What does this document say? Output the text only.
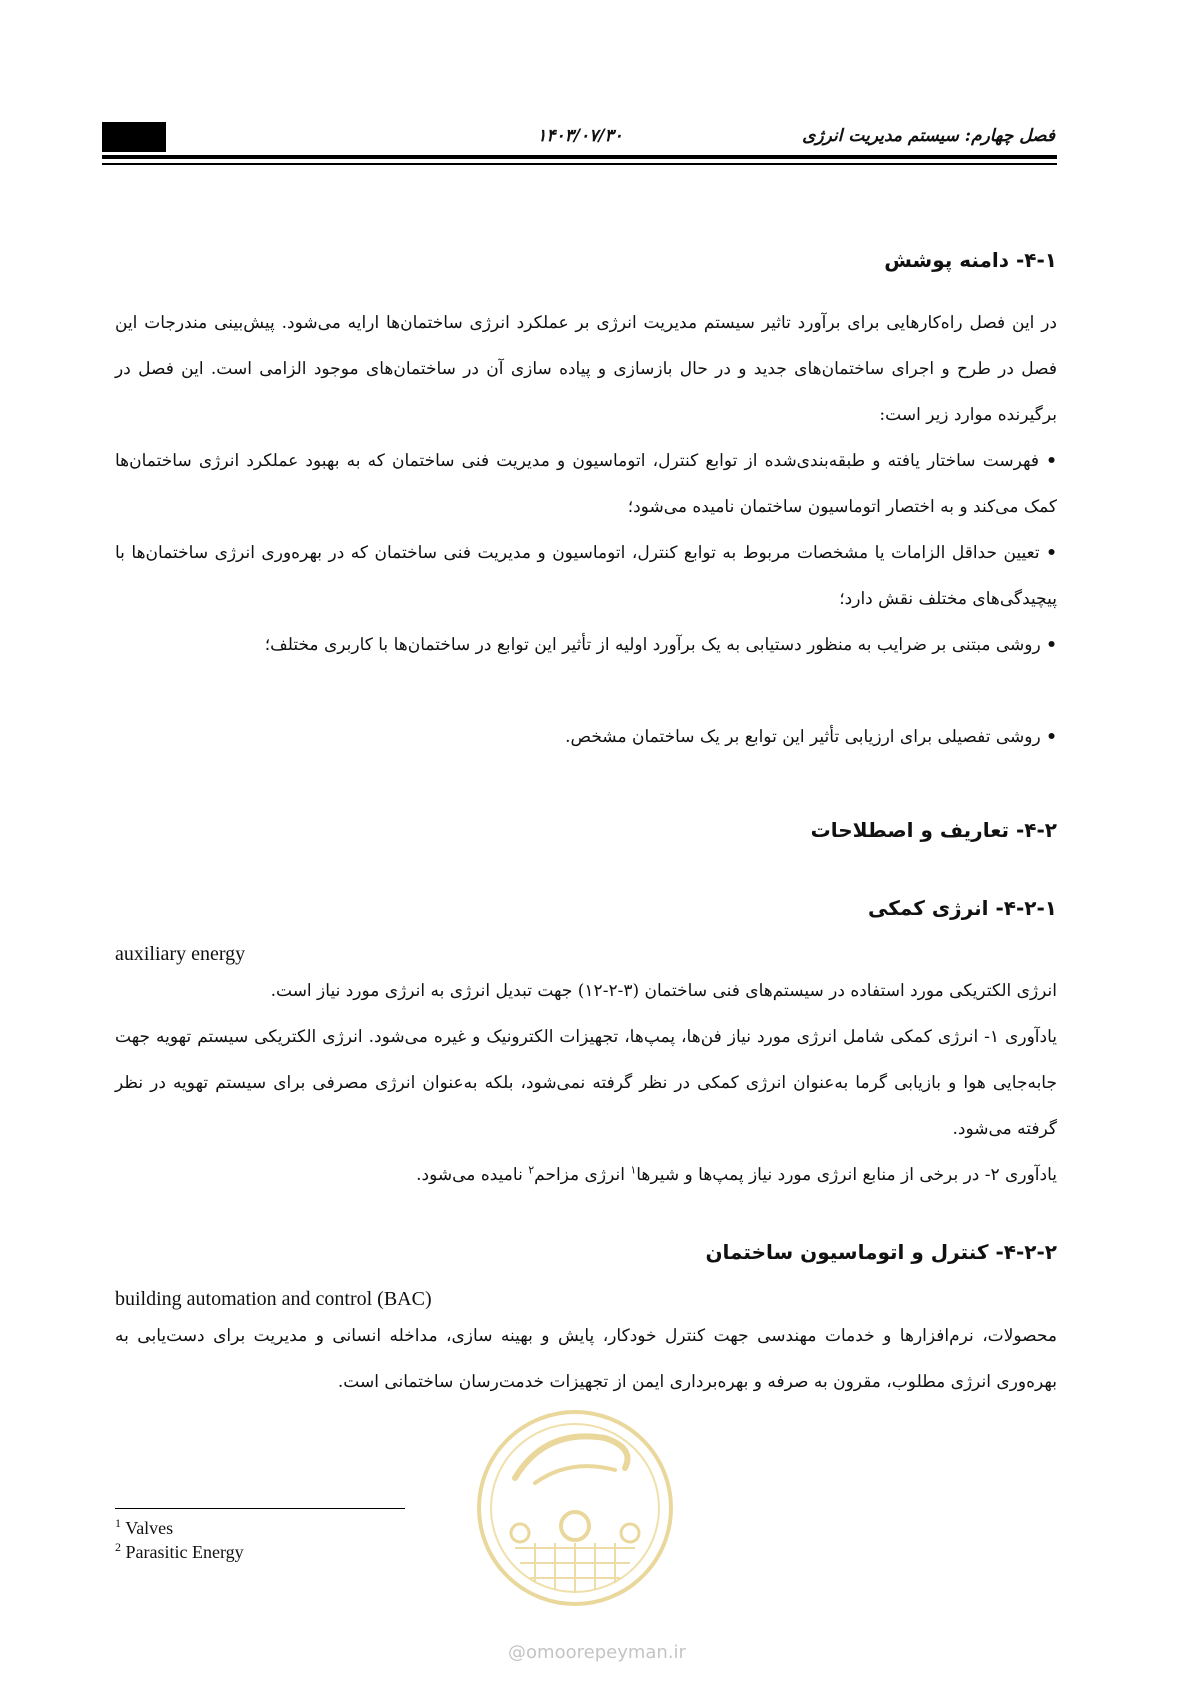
۱۴۰۳/۰۷/۳۰	فصل چهارم: سیستم مدیریت انرژی
۴-۱- دامنه پوشش
در این فصل راه‌کارهایی برای برآورد تاثیر سیستم مدیریت انرژی بر عملکرد انرژی ساختمان‌ها ارایه می‌شود. پیش‌بینی مندرجات این فصل در طرح و اجرای ساختمان‌های جدید و در حال بازسازی و پیاده سازی آن در ساختمان‌های موجود الزامی است. این فصل در برگیرنده موارد زیر است:
• فهرست ساختار یافته و طبقه‌بندی‌شده از توابع کنترل، اتوماسیون و مدیریت فنی ساختمان که به بهبود عملکرد انرژی ساختمان‌ها کمک می‌کند و به اختصار اتوماسیون ساختمان نامیده می‌شود؛
• تعیین حداقل الزامات یا مشخصات مربوط به توابع کنترل، اتوماسیون و مدیریت فنی ساختمان که در بهره‌وری انرژی ساختمان‌ها با پیچیدگی‌های مختلف نقش دارد؛
• روشی مبتنی بر ضرایب به منظور دستیابی به یک برآورد اولیه از تأثیر این توابع در ساختمان‌ها با کاربری مختلف؛
• روشی تفصیلی برای ارزیابی تأثیر این توابع بر یک ساختمان مشخص.
۴-۲- تعاریف و اصطلاحات
۴-۲-۱- انرژی کمکی
auxiliary energy
انرژی الکتریکی مورد استفاده در سیستم‌های فنی ساختمان (۳-۲-۱۲) جهت تبدیل انرژی به انرژی مورد نیاز است.
یادآوری ۱- انرژی کمکی شامل انرژی مورد نیاز فن‌ها، پمپ‌ها، تجهیزات الکترونیک و غیره می‌شود. انرژی الکتریکی سیستم تهویه جهت جابه‌جایی هوا و بازیابی گرما به‌عنوان انرژی کمکی در نظر گرفته نمی‌شود، بلکه به‌عنوان انرژی مصرفی برای سیستم تهویه در نظر گرفته می‌شود.
یادآوری ۲- در برخی از منابع انرژی مورد نیاز پمپ‌ها و شیرها$^۱$ انرژی مزاحم$^۲$ نامیده می‌شود.
۴-۲-۲- کنترل و اتوماسیون ساختمان
building automation and control (BAC)
محصولات، نرم‌افزارها و خدمات مهندسی جهت کنترل خودکار، پایش و بهینه سازی، مداخله انسانی و مدیریت برای دست‌یابی به بهره‌وری انرژی مطلوب، مقرون به صرفه و بهره‌برداری ایمن از تجهیزات خدمت‌رسان ساختمانی است.
$^1$ Valves
$^2$ Parasitic Energy
@omoorepeyman.ir
